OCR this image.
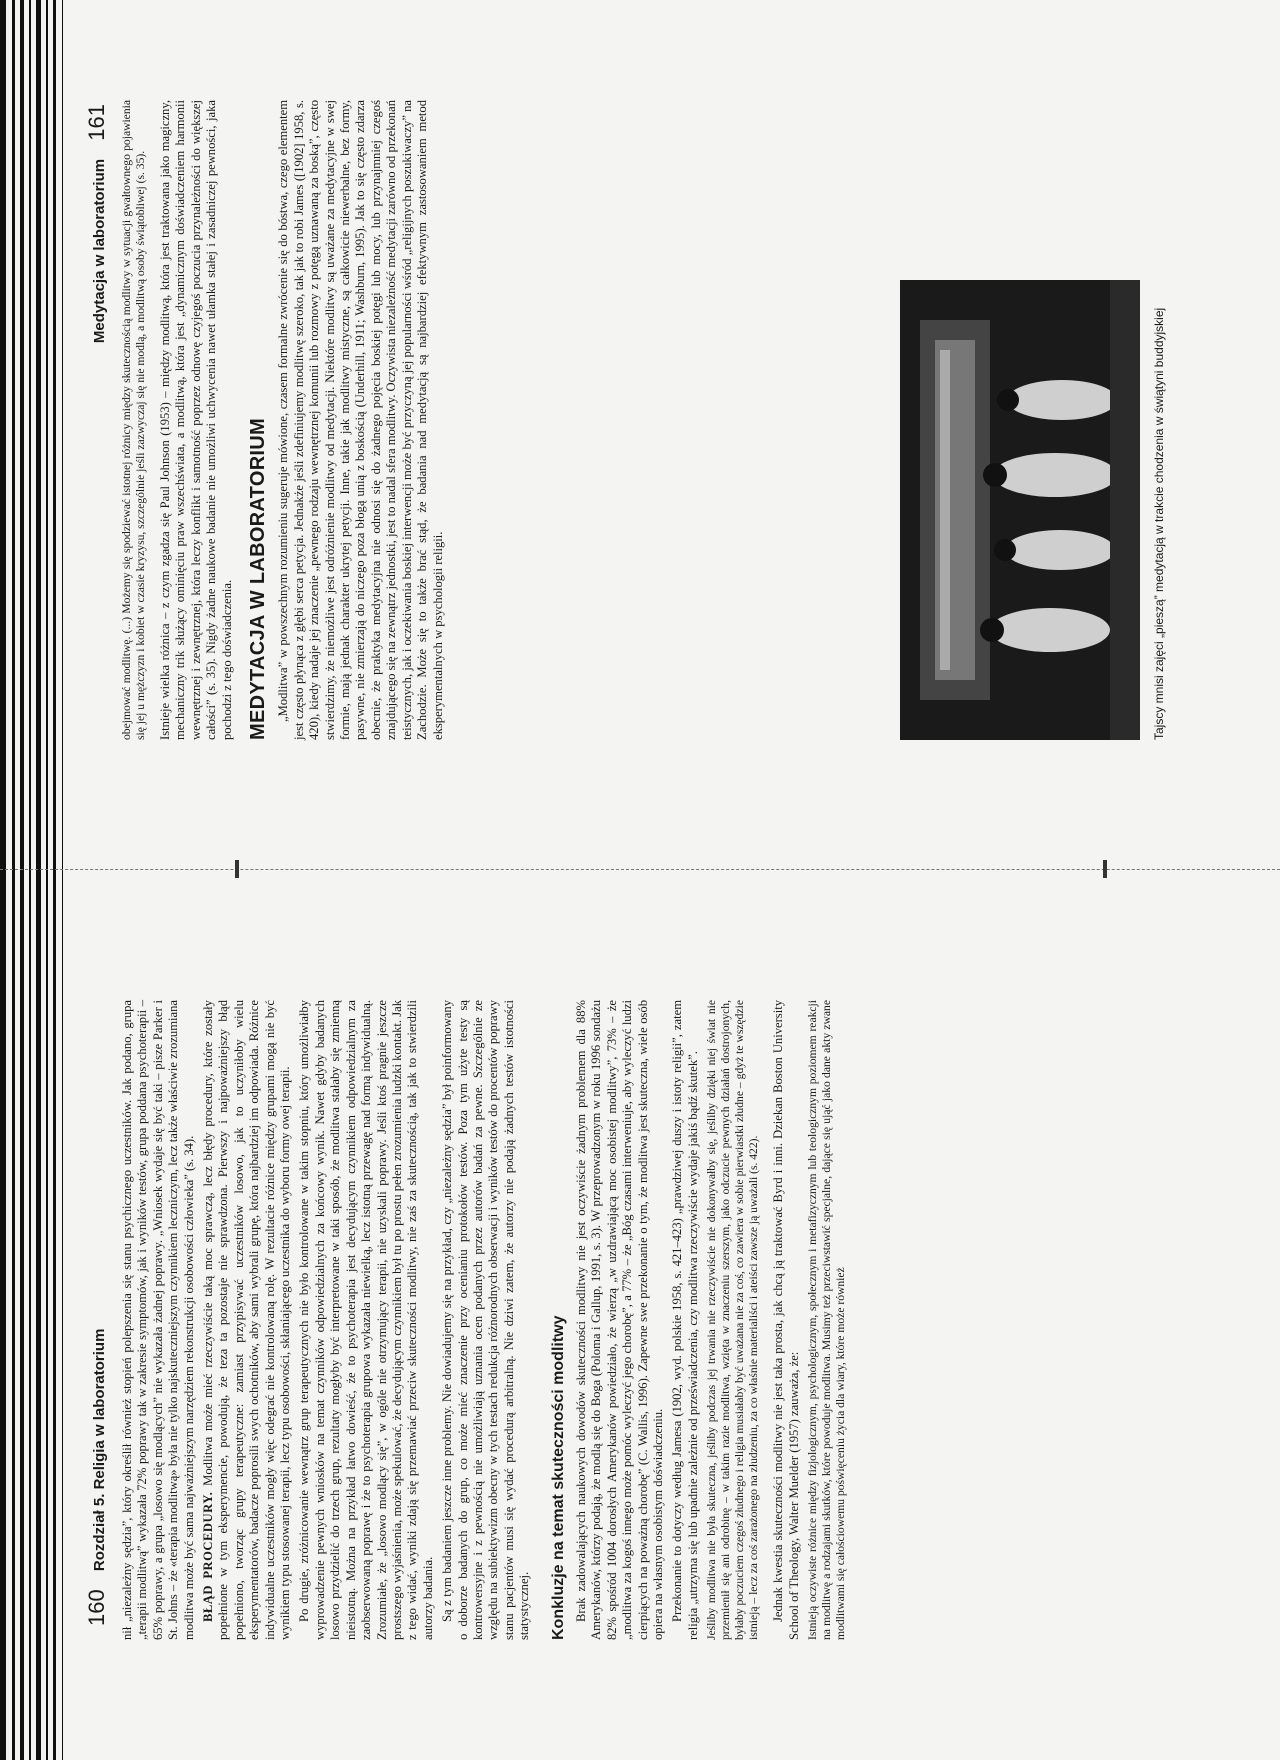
160 Rozdział 5. Religia w laboratorium nił „niezależny sędzia”, który określił również stopień polepszenia się stanu psychicznego uczestników. Jak podano, grupa „terapii modlitwą” wykazała 72% poprawy tak w zakresie symptomów, jak i wyników testów, grupa poddana psychoterapii – 65% poprawy, a grupa „losowo się modlących” nie wykazała żadnej poprawy. „Wniosek wydaje się być taki – pisze Parker i St. Johns – że «terapia modlitwą» była nie tylko najskuteczniejszym czynnikiem leczniczym, lecz także właściwie zrozumiana modlitwa może być sama najważniejszym narzędziem rekonstrukcji osobowości człowieka” (s. 34). BŁĄD PROCEDURY. Modlitwa może mieć rzeczywiście taką moc sprawczą, lecz błędy procedury, które zostały popełnione w tym eksperymencie, powodują, że teza ta pozostaje nie sprawdzona. Pierwszy i najpoważniejszy błąd popełniono, tworząc grupy terapeutyczne: zamiast przypisywać uczestników losowo, jak to uczyniłoby wielu eksperymentatorów, badacze poprosili swych ochotników, aby sami wybrali grupę, która najbardziej im odpowiada. Różnice indywidualne uczestników mogły więc odegrać nie kontrolowaną rolę. W rezultacie różnice między grupami mogą nie być wynikiem typu stosowanej terapii, lecz typu osobowości, skłaniającego uczestnika do wyboru formy owej terapii. Po drugie, zróżnicowanie wewnątrz grup terapeutycznych nie było kontrolowane w takim stopniu, który umożliwiałby wyprowadzenie pewnych wniosków na temat czynników odpowiedzialnych za końcowy wynik. Nawet gdyby badanych losowo przydzielić do trzech grup, rezultaty mogłyby być interpretowane w taki sposób, że modlitwa stałaby się zmienną nieistotną. Można na przykład łatwo dowieść, że to psychoterapia jest decydującym czynnikiem odpowiedzialnym za zaobserwowaną poprawę i że to psychoterapia grupowa wykazała niewielką, lecz istotną przewagę nad formą indywidualną. Zrozumiałe, że „losowo modlący się”, w ogóle nie otrzymujący terapii, nie uzyskali poprawy. Jeśli ktoś pragnie jeszcze prostszego wyjaśnienia, może spekulować, że decydującym czynnikiem był tu po prostu pełen zrozumienia ludzki kontakt. Jak z tego widać, wyniki zdają się przemawiać przeciw skuteczności modlitwy, nie zaś za skutecznością, tak jak to stwierdzili autorzy badania. Są z tym badaniem jeszcze inne problemy. Nie dowiadujemy się na przykład, czy „niezależny sędzia” był poinformowany o doborze badanych do grup, co może mieć znaczenie przy ocenianiu protokołów testów. Poza tym użyte testy są kontrowersyjne i z pewnością nie umożliwiają uznania ocen podanych przez autorów badań za pewne. Szczególnie ze względu na subiektywizm obecny w tych testach redukcja różnorodnych obserwacji i wyników testów do procentów poprawy stanu pacjentów musi się wydać procedurą arbitralną. Nie dziwi zatem, że autorzy nie podają żadnych testów istotności statystycznej. Konkluzje na temat skuteczności modlitwy Brak zadowalających naukowych dowodów skuteczności modlitwy nie jest oczywiście żadnym problemem dla 88% Amerykanów, którzy podają, że modlą się do Boga (Poloma i Gallup, 1991, s. 3). W przeprowadzonym w roku 1996 sondażu 82% spośród 1004 dorosłych Amerykanów powiedziało, że wierzą „w uzdrawiającą moc osobistej modlitwy”, 73% – że „modlitwa za kogoś innego może pomóc wyleczyć jego chorobę”, a 77% – że „Bóg czasami interweniuje, aby wyleczyć ludzi cierpiących na poważną chorobę” (C. Wallis, 1996). Zapewne swe przekonanie o tym, że modlitwa jest skuteczna, wiele osób opiera na własnym osobistym doświadczeniu. Przekonanie to dotyczy według Jamesa (1902, wyd. polskie 1958, s. 421–423) „prawdziwej duszy i istoty religii”, zatem religia „utrzyma się lub upadnie zależnie od przeświadczenia, czy modlitwa rzeczywiście wydaje jakiś bądź skutek”. Jeśliby modlitwa nie była skuteczna, jeśliby podczas jej trwania nie rzeczywiście nie dokonywałby się, jeśliby dzięki niej świat nie przemienił się ani odrobinę – w takim razie modlitwa, wzięta w znaczeniu szerszym, jako odczucie pewnych działań dostrojonych, byłaby poczuciem czegoś złudnego i religia musiałaby być uważana nie za coś, co zawiera w sobie pierwiastki złudne – gdyż te wszędzie istnieją – lecz za coś zarażonego na złudzeniu, za co właśnie materialiści i ateiści zawsze ją uważali (s. 422). Jednak kwestia skuteczności modlitwy nie jest taka prosta, jak chcą ją traktować Byrd i inni. Dziekan Boston University School of Theology, Walter Muelder (1957) zauważa, że: Istnieją oczywiste różnice między fizjologicznym, psychologicznym, społecznym i metafizycznym lub teologicznym poziomem reakcji na modlitwę a rodzajami skutków, które powoduje modlitwa. Musimy też przeciwstawić specjalne, dające się ująć jako dane akty zwane modlitwami się całościowemu poświęceniu życia dla wiary, które może również

Medytacja w laboratorium 161 obejmować modlitwę. (...) Możemy się spodziewać istotnej różnicy między skutecznością modlitwy w sytuacji gwałtownego pojawienia się jej u mężczyzn i kobiet w czasie kryzysu, szczególnie jeśli zazwyczaj się nie modlą, a modlitwą osoby świątobliwej (s. 35). Istnieje wielka różnica – z czym zgadza się Paul Johnson (1953) – między modlitwą, która jest traktowana jako magiczny, mechaniczny trik służący ominięciu praw wszechświata, a modlitwą, która jest „dynamicznym doświadczeniem harmonii wewnętrznej i zewnętrznej, która leczy konflikt i samotność poprzez odnowę czyjegoś poczucia przynależności do większej całości” (s. 35). Nigdy żadne naukowe badanie nie umożliwi uchwycenia nawet ułamka stałej i zasadniczej pewności, jaka pochodzi z tego doświadczenia. MEDYTACJA W LABORATORIUM „Modlitwa” w powszechnym rozumieniu sugeruje mówione, czasem formalne zwrócenie się do bóstwa, czego elementem jest często płynąca z głębi serca petycja. Jednakże jeśli zdefiniujemy modlitwę szeroko, tak jak to robi James ([1902] 1958, s. 420), kiedy nadaje jej znaczenie „pewnego rodzaju wewnętrznej komunii lub rozmowy z potęgą uznawaną za boską”, często stwierdzimy, że niemożliwe jest odróżnienie modlitwy od medytacji. Niektóre modlitwy są uważane za medytacyjne w swej formie, mają jednak charakter ukrytej petycji. Inne, takie jak modlitwy mistyczne, są całkowicie niewerbalne, bez formy, pasywne, nie zmierzają do niczego poza błogą unią z boskością (Underhill, 1911; Washburn, 1995). Jak to się często zdarza obecnie, że praktyka medytacyjna nie odnosi się do żadnego pojęcia boskiej potęgi lub mocy, lub przynajmniej czegoś znajdującego się na zewnątrz jednostki, jest to nadal sfera modlitwy. Oczywista niezależność medytacji zarówno od przekonań teistycznych, jak i oczekiwania boskiej interwencji może być przyczyną jej popularności wśród „religijnych poszukiwaczy” na Zachodzie. Może się to także brać stąd, że badania nad medytacją są najbardziej efektywnym zastosowaniem metod eksperymentalnych w psychologii religii.	Tajscy mnisi zajęci „pieszą” medytacją w trakcie chodzenia w świątyni buddyjskiej
